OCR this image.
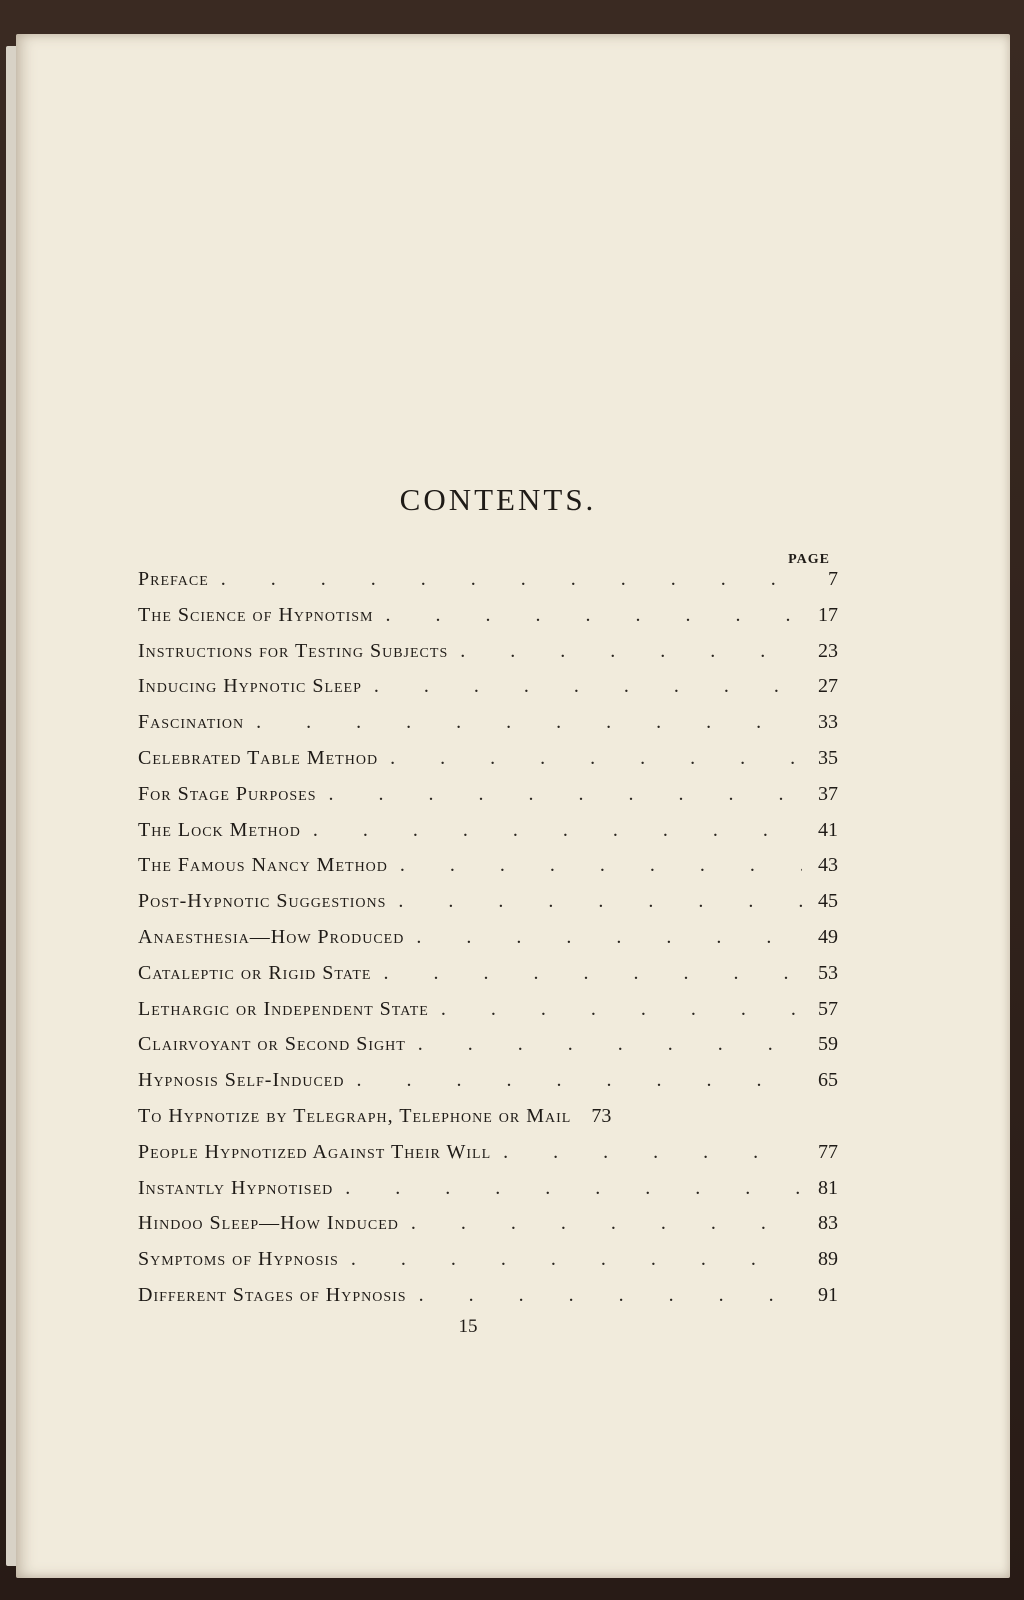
CONTENTS.
PAGE
Preface . . .	7
The Science of Hypnotism . . .	17
Instructions for Testing Subjects . . .	23
Inducing Hypnotic Sleep . . .	27
Fascination . . .	33
Celebrated Table Method . . .	35
For Stage Purposes . . .	37
The Lock Method . . .	41
The Famous Nancy Method . . .	43
Post-Hypnotic Suggestions . . .	45
Anaesthesia—How Produced . . .	49
Cataleptic or Rigid State . . .	53
Lethargic or Independent State . . .	57
Clairvoyant or Second Sight . . .	59
Hypnosis Self-Induced . . .	65
To Hypnotize by Telegraph, Telephone or Mail	73
People Hypnotized Against Their Will . . .	77
Instantly Hypnotised . . .	81
Hindoo Sleep—How Induced . . .	83
Symptoms of Hypnosis . . .	89
Different Stages of Hypnosis . . .	91
15
